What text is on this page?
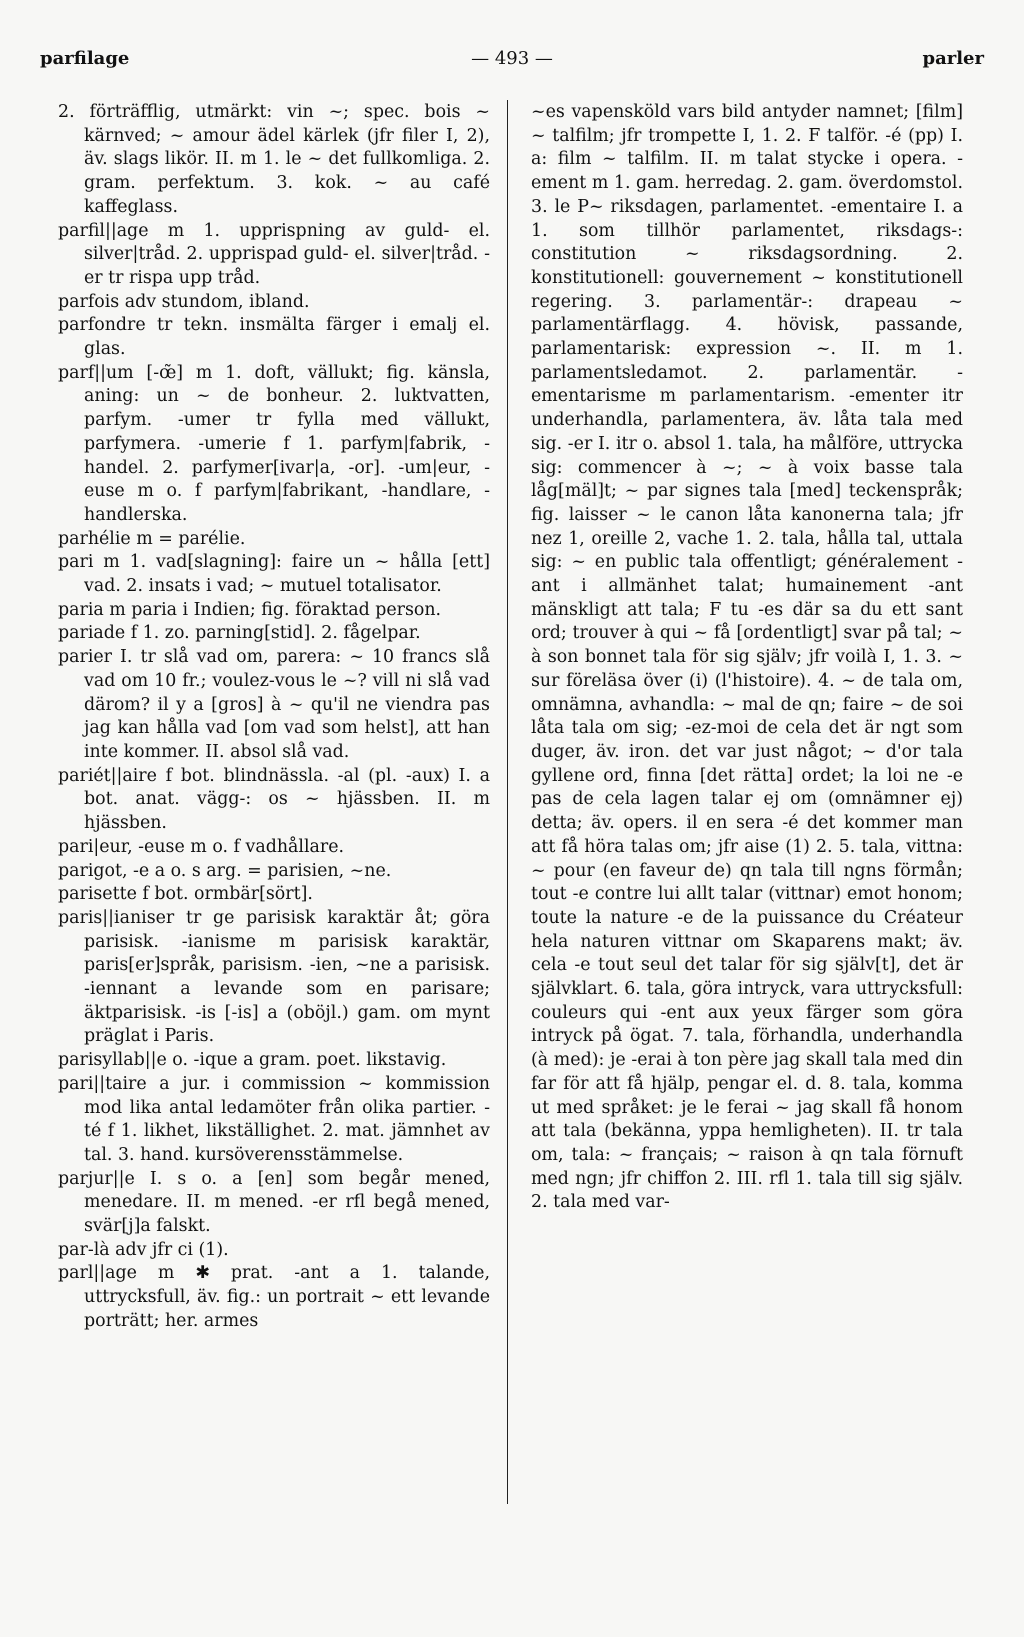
parfilage	— 493 —	parler

2. förträfflig, utmärkt: vin ~; spec. bois ~ kärnved; ~ amour ädel kärlek (jfr filer I, 2), äv. slags likör. II. m 1. le ~ det fullkomliga. 2. gram. perfektum. 3. kok. ~ au café kaffeglass.

parfil||age m 1. upprispning av guld- el. silver|tråd. 2. upprispad guld- el. silver|tråd. -er tr rispa upp tråd.

parfois adv stundom, ibland.

parfondre tr tekn. insmälta färger i emalj el. glas.

parf||um [-œ̃] m 1. doft, vällukt; fig. känsla, aning: un ~ de bonheur. 2. luktvatten, parfym. -umer tr fylla med vällukt, parfymera. -umerie f 1. parfym|fabrik, -handel. 2. parfymer[ivar|a, -or]. -um|eur, -euse m o. f parfym|fabrikant, -handlare, -handlerska.

parhélie m = parélie.

pari m 1. vad[slagning]: faire un ~ hålla [ett] vad. 2. insats i vad; ~ mutuel totalisator.

paria m paria i Indien; fig. föraktad person.

pariade f 1. zo. parning[stid]. 2. fågelpar.

parier I. tr slå vad om, parera: ~ 10 francs slå vad om 10 fr.; voulez-vous le ~? vill ni slå vad därom? il y a [gros] à ~ qu'il ne viendra pas jag kan hålla vad [om vad som helst], att han inte kommer. II. absol slå vad.

pariét||aire f bot. blindnässla. -al (pl. -aux) I. a bot. anat. vägg-: os ~ hjässben. II. m hjässben.

pari|eur, -euse m o. f vadhållare.

parigot, -e a o. s arg. = parisien, ~ne.

parisette f bot. ormbär[sört].

paris||ianiser tr ge parisisk karaktär åt; göra parisisk. -ianisme m parisisk karaktär, paris[er]språk, parisism. -ien, ~ne a parisisk. -iennant a levande som en parisare; äktparisisk. -is [-is] a (oböjl.) gam. om mynt präglat i Paris.

parisyllab||e o. -ique a gram. poet. likstavig.

pari||taire a jur. i commission ~ kommission mod lika antal ledamöter från olika partier. -té f 1. likhet, likställighet. 2. mat. jämnhet av tal. 3. hand. kursöverensstämmelse.

parjur||e I. s o. a [en] som begår mened, menedare. II. m mened. -er rfl begå mened, svär[j]a falskt.

par-là adv jfr ci (1).

parl||age m ✱ prat. -ant a 1. talande, uttrycksfull, äv. fig.: un portrait ~ ett levande porträtt; her. armes

~es vapensköld vars bild antyder namnet; [film] ~ talfilm; jfr trompette I, 1. 2. F talför. -é (pp) I. a: film ~ talfilm. II. m talat stycke i opera. -ement m 1. gam. herredag. 2. gam. överdomstol. 3. le P~ riksdagen, parlamentet. -ementaire I. a 1. som tillhör parlamentet, riksdags-: constitution ~ riksdagsordning. 2. konstitutionell: gouvernement ~ konstitutionell regering. 3. parlamentär-: drapeau ~ parlamentärflagg. 4. hövisk, passande, parlamentarisk: expression ~. II. m 1. parlamentsledamot. 2. parlamentär. -ementarisme m parlamentarism. -ementer itr underhandla, parlamentera, äv. låta tala med sig. -er I. itr o. absol 1. tala, ha målföre, uttrycka sig: commencer à ~; ~ à voix basse tala låg[mäl]t; ~ par signes tala [med] teckenspråk; fig. laisser ~ le canon låta kanonerna tala; jfr nez 1, oreille 2, vache 1. 2. tala, hålla tal, uttala sig: ~ en public tala offentligt; généralement -ant i allmänhet talat; humainement -ant mänskligt att tala; F tu -es där sa du ett sant ord; trouver à qui ~ få [ordentligt] svar på tal; ~ à son bonnet tala för sig själv; jfr voilà I, 1. 3. ~ sur föreläsa över (i) (l'histoire). 4. ~ de tala om, omnämna, avhandla: ~ mal de qn; faire ~ de soi låta tala om sig; -ez-moi de cela det är ngt som duger, äv. iron. det var just något; ~ d'or tala gyllene ord, finna [det rätta] ordet; la loi ne -e pas de cela lagen talar ej om (omnämner ej) detta; äv. opers. il en sera -é det kommer man att få höra talas om; jfr aise (1) 2. 5. tala, vittna: ~ pour (en faveur de) qn tala till ngns förmån; tout -e contre lui allt talar (vittnar) emot honom; toute la nature -e de la puissance du Créateur hela naturen vittnar om Skaparens makt; äv. cela -e tout seul det talar för sig själv[t], det är självklart. 6. tala, göra intryck, vara uttrycksfull: couleurs qui -ent aux yeux färger som göra intryck på ögat. 7. tala, förhandla, underhandla (à med): je -erai à ton père jag skall tala med din far för att få hjälp, pengar el. d. 8. tala, komma ut med språket: je le ferai ~ jag skall få honom att tala (bekänna, yppa hemligheten). II. tr tala om, tala: ~ français; ~ raison à qn tala förnuft med ngn; jfr chiffon 2. III. rfl 1. tala till sig själv. 2. tala med var-
